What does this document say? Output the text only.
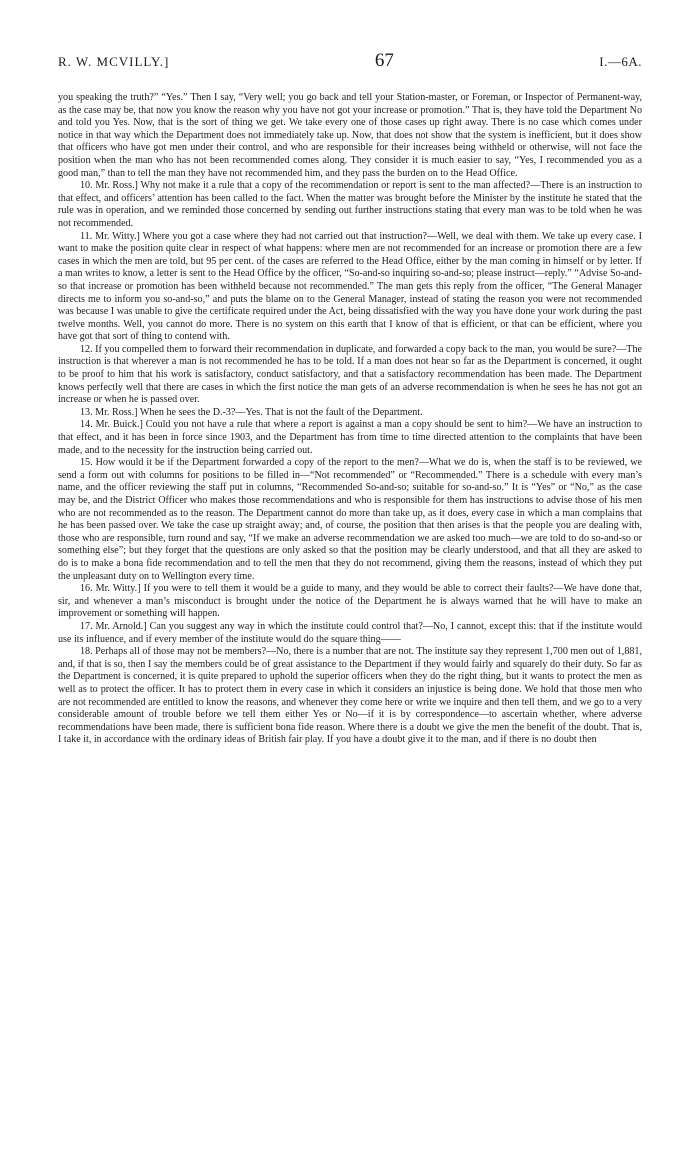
R. W. MCVILLY.]	67	I.—6A.

you speaking the truth?” “Yes.” Then I say, “Very well; you go back and tell your Station-master, or Foreman, or Inspector of Permanent-way, as the case may be, that now you know the reason why you have not got your increase or promotion.” That is, they have told the Department No and told you Yes. Now, that is the sort of thing we get. We take every one of those cases up right away. There is no case which comes under notice in that way which the Department does not immediately take up. Now, that does not show that the system is inefficient, but it does show that officers who have got men under their control, and who are responsible for their increases being withheld or otherwise, will not face the position when the man who has not been recommended comes along. They consider it is much easier to say, “Yes, I recommended you as a good man,” than to tell the man they have not recommended him, and they pass the burden on to the Head Office.

10. Mr. Ross.] Why not make it a rule that a copy of the recommendation or report is sent to the man affected?—There is an instruction to that effect, and officers’ attention has been called to the fact. When the matter was brought before the Minister by the institute he stated that the rule was in operation, and we reminded those concerned by sending out further instructions stating that every man was to be told when he was not recommended.

11. Mr. Witty.] Where you got a case where they had not carried out that instruction?—Well, we deal with them. We take up every case. I want to make the position quite clear in respect of what happens: where men are not recommended for an increase or promotion there are a few cases in which the men are told, but 95 per cent. of the cases are referred to the Head Office, either by the man coming in himself or by letter. If a man writes to know, a letter is sent to the Head Office by the officer, “So-and-so inquiring so-and-so; please instruct—reply.” “Advise So-and-so that increase or promotion has been withheld because not recommended.” The man gets this reply from the officer, “The General Manager directs me to inform you so-and-so,” and puts the blame on to the General Manager, instead of stating the reason you were not recommended was because I was unable to give the certificate required under the Act, being dissatisfied with the way you have done your work during the past twelve months. Well, you cannot do more. There is no system on this earth that I know of that is efficient, or that can be efficient, where you have got that sort of thing to contend with.

12. If you compelled them to forward their recommendation in duplicate, and forwarded a copy back to the man, you would be sure?—The instruction is that wherever a man is not recommended he has to be told. If a man does not hear so far as the Department is concerned, it ought to be proof to him that his work is satisfactory, conduct satisfactory, and that a satisfactory recommendation has been made. The Department knows perfectly well that there are cases in which the first notice the man gets of an adverse recommendation is when he sees he has not got an increase or when he is passed over.

13. Mr. Ross.] When he sees the D.-3?—Yes. That is not the fault of the Department.

14. Mr. Buick.] Could you not have a rule that where a report is against a man a copy should be sent to him?—We have an instruction to that effect, and it has been in force since 1903, and the Department has from time to time directed attention to the complaints that have been made, and to the necessity for the instruction being carried out.

15. How would it be if the Department forwarded a copy of the report to the men?—What we do is, when the staff is to be reviewed, we send a form out with columns for positions to be filled in—“Not recommended” or “Recommended.” There is a schedule with every man’s name, and the officer reviewing the staff put in columns, “Recommended So-and-so; suitable for so-and-so.” It is “Yes” or “No,” as the case may be, and the District Officer who makes those recommendations and who is responsible for them has instructions to advise those of his men who are not recommended as to the reason. The Department cannot do more than take up, as it does, every case in which a man complains that he has been passed over. We take the case up straight away; and, of course, the position that then arises is that the people you are dealing with, those who are responsible, turn round and say, “If we make an adverse recommendation we are asked too much—we are told to do so-and-so or something else”; but they forget that the questions are only asked so that the position may be clearly understood, and that all they are asked to do is to make a bona fide recommendation and to tell the men that they do not recommend, giving them the reasons, instead of which they put the unpleasant duty on to Wellington every time.

16. Mr. Witty.] If you were to tell them it would be a guide to many, and they would be able to correct their faults?—We have done that, sir, and whenever a man’s misconduct is brought under the notice of the Department he is always warned that he will have to make an improvement or something will happen.

17. Mr. Arnold.] Can you suggest any way in which the institute could control that?—No, I cannot, except this: that if the institute would use its influence, and if every member of the institute would do the square thing——

18. Perhaps all of those may not be members?—No, there is a number that are not. The institute say they represent 1,700 men out of 1,881, and, if that is so, then I say the members could be of great assistance to the Department if they would fairly and squarely do their duty. So far as the Department is concerned, it is quite prepared to uphold the superior officers when they do the right thing, but it wants to protect the men as well as to protect the officer. It has to protect them in every case in which it considers an injustice is being done. We hold that those men who are not recommended are entitled to know the reasons, and whenever they come here or write we inquire and then tell them, and we go to a very considerable amount of trouble before we tell them either Yes or No—if it is by correspondence—to ascertain whether, where adverse recommendations have been made, there is sufficient bona fide reason. Where there is a doubt we give the men the benefit of the doubt. That is, I take it, in accordance with the ordinary ideas of British fair play. If you have a doubt give it to the man, and if there is no doubt then
